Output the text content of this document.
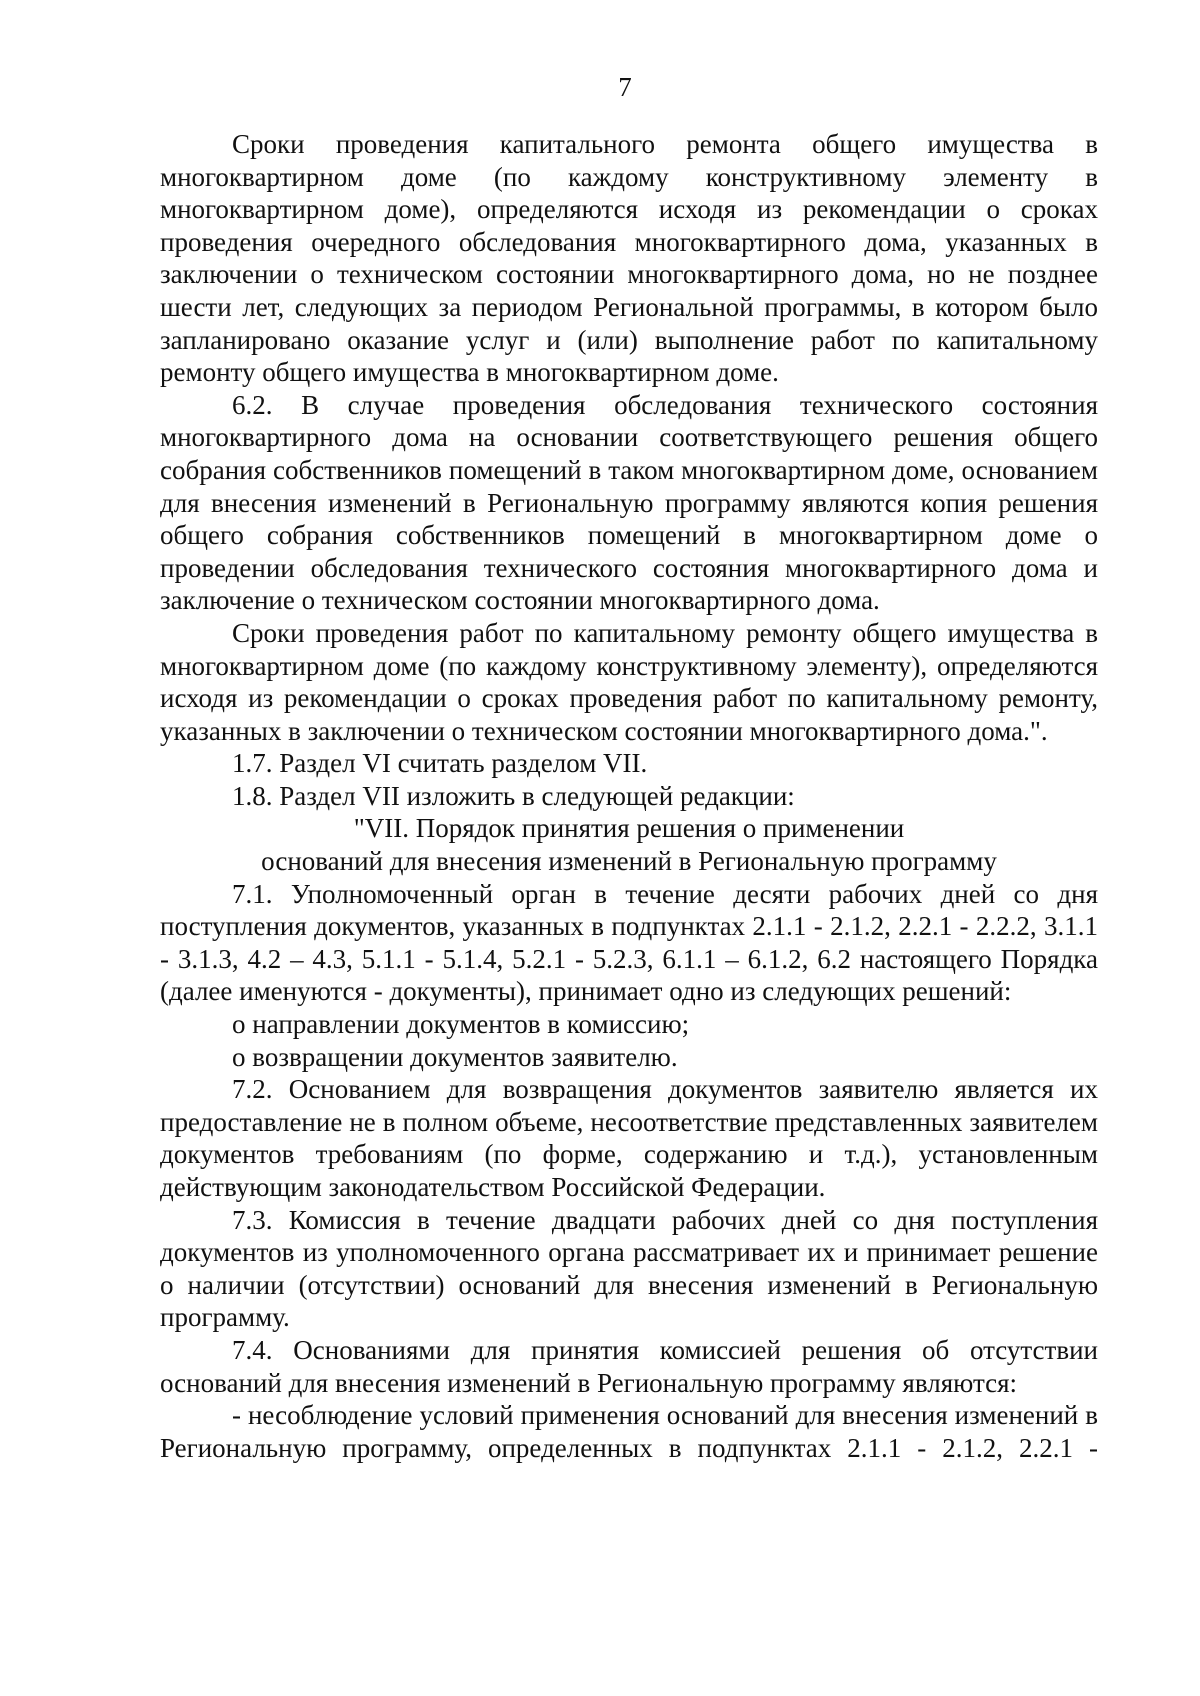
7

Сроки проведения капитального ремонта общего имущества в многоквартирном доме (по каждому конструктивному элементу в многоквартирном доме), определяются исходя из рекомендации о сроках проведения очередного обследования многоквартирного дома, указанных в заключении о техническом состоянии многоквартирного дома, но не позднее шести лет, следующих за периодом Региональной программы, в котором было запланировано оказание услуг и (или) выполнение работ по капитальному ремонту общего имущества в многоквартирном доме.

6.2. В случае проведения обследования технического состояния многоквартирного дома на основании соответствующего решения общего собрания собственников помещений в таком многоквартирном доме, основанием для внесения изменений в Региональную программу являются копия решения общего собрания собственников помещений в многоквартирном доме о проведении обследования технического состояния многоквартирного дома и заключение о техническом состоянии многоквартирного дома.

Сроки проведения работ по капитальному ремонту общего имущества в многоквартирном доме (по каждому конструктивному элементу), определяются исходя из рекомендации о сроках проведения работ по капитальному ремонту, указанных в заключении о техническом состоянии многоквартирного дома.".

1.7. Раздел VI считать разделом VII.

1.8. Раздел VII изложить в следующей редакции:

"VII. Порядок принятия решения о применении

оснований для внесения изменений в Региональную программу

7.1. Уполномоченный орган в течение десяти рабочих дней со дня поступления документов, указанных в подпунктах 2.1.1 - 2.1.2, 2.2.1 - 2.2.2, 3.1.1 - 3.1.3, 4.2 – 4.3, 5.1.1 - 5.1.4, 5.2.1 - 5.2.3, 6.1.1 – 6.1.2, 6.2 настоящего Порядка (далее именуются - документы), принимает одно из следующих решений:

о направлении документов в комиссию;

о возвращении документов заявителю.

7.2. Основанием для возвращения документов заявителю является их предоставление не в полном объеме, несоответствие представленных заявителем документов требованиям (по форме, содержанию и т.д.), установленным действующим законодательством Российской Федерации.

7.3. Комиссия в течение двадцати рабочих дней со дня поступления документов из уполномоченного органа рассматривает их и принимает решение о наличии (отсутствии) оснований для внесения изменений в Региональную программу.

7.4. Основаниями для принятия комиссией решения об отсутствии оснований для внесения изменений в Региональную программу являются:

- несоблюдение условий применения оснований для внесения изменений в Региональную программу, определенных в подпунктах 2.1.1 - 2.1.2, 2.2.1 -
